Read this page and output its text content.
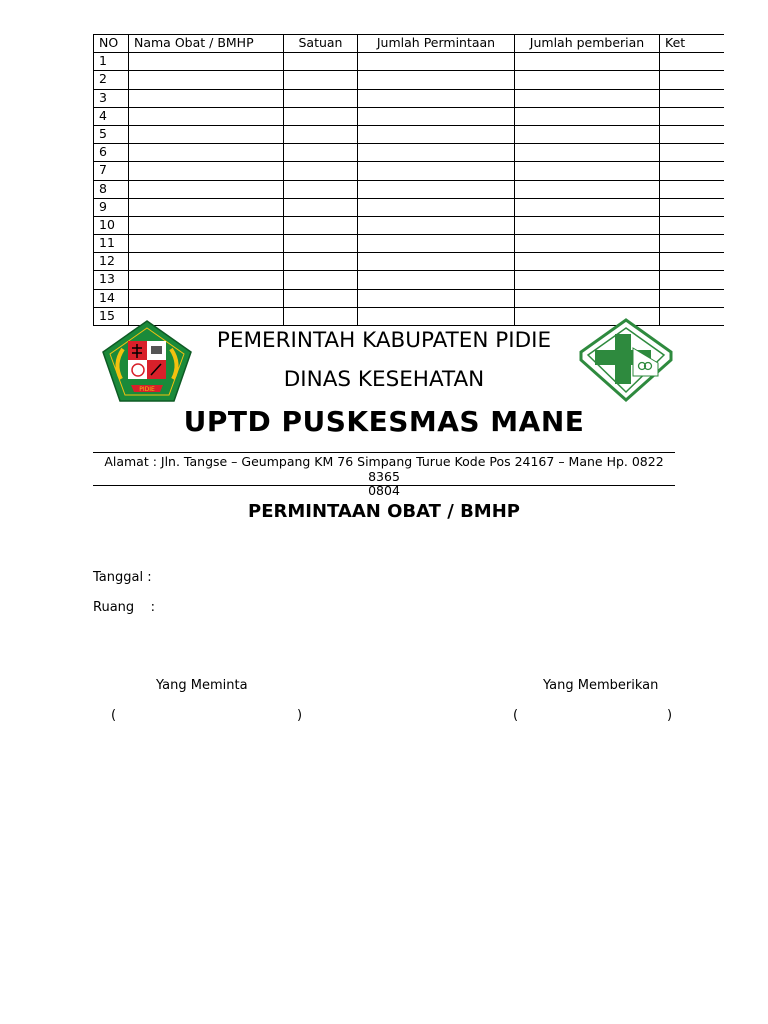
NO	Nama Obat / BMHP	Satuan	Jumlah Permintaan	Jumlah pemberian	Ket
1					
2					
3					
4					
5					
6					
7					
8					
9					
10					
11					
12					
13					
14					
15					
PIDIE
PEMERINTAH KABUPATEN PIDIE
DINAS KESEHATAN
UPTD PUSKESMAS MANE
Alamat : Jln. Tangse – Geumpang KM 76 Simpang Turue Kode Pos 24167 – Mane Hp. 0822 8365
0804
PERMINTAAN OBAT / BMHP
Tanggal :
Ruang    :
Yang Meminta	Yang Memberikan
(	)	(	)
